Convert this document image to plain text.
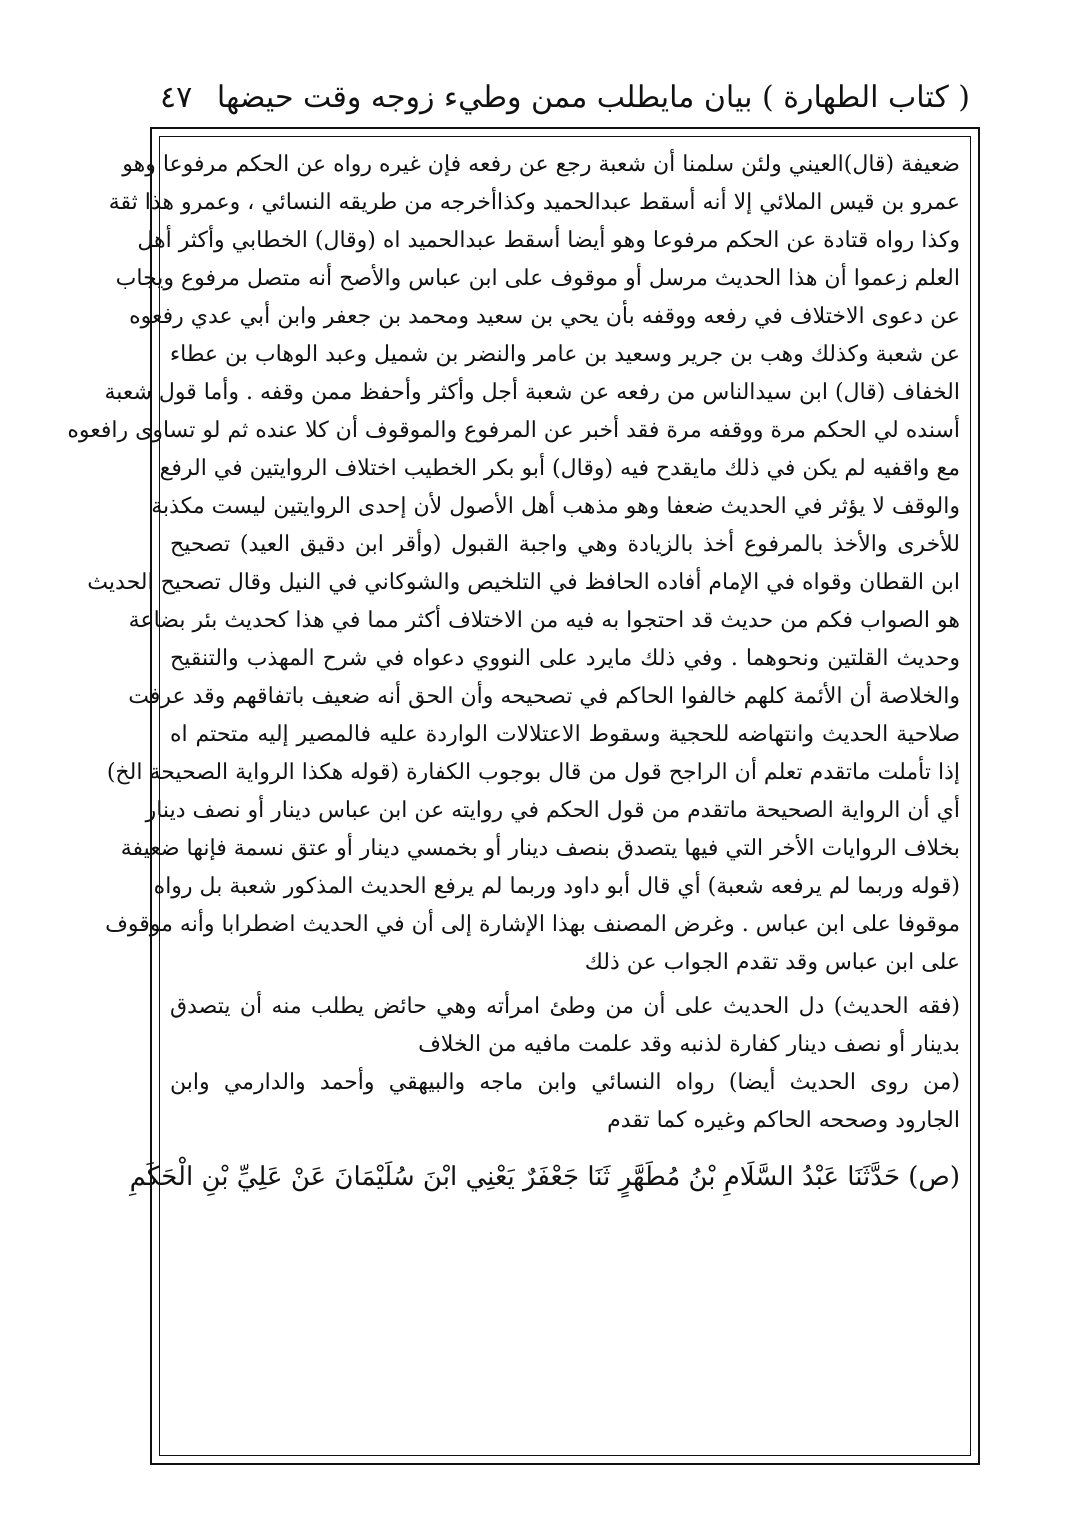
( كتاب الطهارة ) بيان مايطلب ممن وطيء زوجه وقت حيضها
٤٧
ضعيفة (قال)العيني ولئن سلمنا أن شعبة رجع عن رفعه فإن غيره رواه عن الحكم مرفوعا وهو
عمرو بن قيس الملائي إلا أنه أسقط عبدالحميد وكذاأخرجه من طريقه النسائي ، وعمرو هذا ثقة
وكذا رواه قتادة عن الحكم مرفوعا وهو أيضا أسقط عبدالحميد اه (وقال) الخطابي وأكثر أهل
العلم زعموا أن هذا الحديث مرسل أو موقوف على ابن عباس والأصح أنه متصل مرفوع ويجاب
عن دعوى الاختلاف في رفعه ووقفه بأن يحي بن سعيد ومحمد بن جعفر وابن أبي عدي رفعوه
عن شعبة وكذلك وهب بن جرير وسعيد بن عامر والنضر بن شميل وعبد الوهاب بن عطاء
الخفاف (قال) ابن سيدالناس من رفعه عن شعبة أجل وأكثر وأحفظ ممن وقفه . وأما قول شعبة
أسنده لي الحكم مرة ووقفه مرة فقد أخبر عن المرفوع والموقوف أن كلا عنده ثم لو تساوى رافعوه
مع واقفيه لم يكن في ذلك مايقدح فيه (وقال) أبو بكر الخطيب اختلاف الروايتين في الرفع
والوقف لا يؤثر في الحديث ضعفا وهو مذهب أهل الأصول لأن إحدى الروايتين ليست مكذبة
للأخرى والأخذ بالمرفوع أخذ بالزيادة وهي واجبة القبول (وأقر ابن دقيق العيد) تصحيح
ابن القطان وقواه في الإمام أفاده الحافظ في التلخيص والشوكاني في النيل وقال تصحيح الحديث
هو الصواب فكم من حديث قد احتجوا به فيه من الاختلاف أكثر مما في هذا كحديث بئر بضاعة
وحديث القلتين ونحوهما . وفي ذلك مايرد على النووي دعواه في شرح المهذب والتنقيح
والخلاصة أن الأئمة كلهم خالفوا الحاكم في تصحيحه وأن الحق أنه ضعيف باتفاقهم وقد عرفت
صلاحية الحديث وانتهاضه للحجية وسقوط الاعتلالات الواردة عليه فالمصير إليه متحتم اه
إذا تأملت ماتقدم تعلم أن الراجح قول من قال بوجوب الكفارة (قوله هكذا الرواية الصحيحة الخ)
أي أن الرواية الصحيحة ماتقدم من قول الحكم في روايته عن ابن عباس دينار أو نصف دينار
بخلاف الروايات الأخر التي فيها يتصدق بنصف دينار أو بخمسي دينار أو عتق نسمة فإنها ضعيفة
(قوله وربما لم يرفعه شعبة) أي قال أبو داود وربما لم يرفع الحديث المذكور شعبة بل رواه
موقوفا على ابن عباس . وغرض المصنف بهذا الإشارة إلى أن في الحديث اضطرابا وأنه موقوف
على ابن عباس وقد تقدم الجواب عن ذلك
(فقه الحديث) دل الحديث على أن من وطئ امرأته وهي حائض يطلب منه أن يتصدق
بدينار أو نصف دينار كفارة لذنبه وقد علمت مافيه من الخلاف
(من روى الحديث أيضا) رواه النسائي وابن ماجه والبيهقي وأحمد والدارمي وابن
الجارود وصححه الحاكم وغيره كما تقدم
(ص) حَدَّثَنَا عَبْدُ السَّلَامِ بْنُ مُطَهَّرٍ ثَنَا جَعْفَرٌ يَعْنِي ابْنَ سُلَيْمَانَ عَنْ عَلِيِّ بْنِ الْحَكَمِ
